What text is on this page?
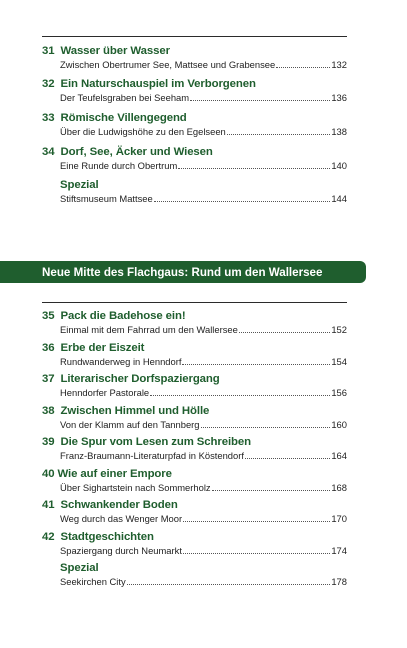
31 Wasser über Wasser
Zwischen Obertrumer See, Mattsee und Grabensee	132
32 Ein Naturschauspiel im Verborgenen
Der Teufelsgraben bei Seeham	136
33 Römische Villengegend
Über die Ludwigshöhe zu den Egelseen	138
34 Dorf, See, Äcker und Wiesen
Eine Runde durch Obertrum	140
Spezial
Stiftsmuseum Mattsee	144
Neue Mitte des Flachgaus: Rund um den Wallersee
35 Pack die Badehose ein!
Einmal mit dem Fahrrad um den Wallersee	152
36 Erbe der Eiszeit
Rundwanderweg in Henndorf	154
37 Literarischer Dorfspaziergang
Henndorfer Pastorale	156
38 Zwischen Himmel und Hölle
Von der Klamm auf den Tannberg	160
39 Die Spur vom Lesen zum Schreiben
Franz-Braumann-Literaturpfad in Köstendorf	164
40 Wie auf einer Empore
Über Sighartstein nach Sommerholz	168
41 Schwankender Boden
Weg durch das Wenger Moor	170
42 Stadtgeschichten
Spaziergang durch Neumarkt	174
Spezial
Seekirchen City	178
